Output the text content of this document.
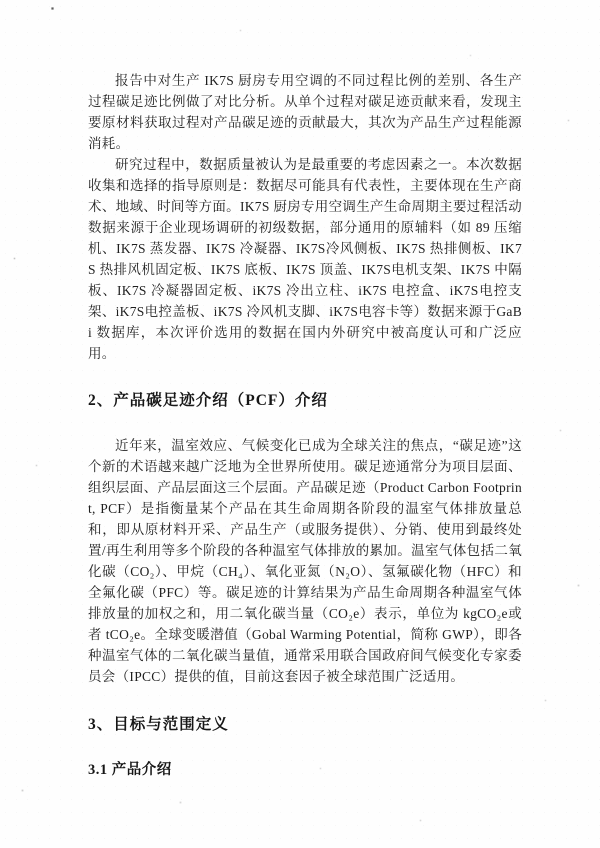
报告中对生产 IK7S 厨房专用空调的不同过程比例的差别、各生产过程碳足迹比例做了对比分析。从单个过程对碳足迹贡献来看，发现主要原材料获取过程对产品碳足迹的贡献最大，其次为产品生产过程能源消耗。

研究过程中，数据质量被认为是最重要的考虑因素之一。本次数据收集和选择的指导原则是：数据尽可能具有代表性，主要体现在生产商术、地域、时间等方面。IK7S 厨房专用空调生产生命周期主要过程活动数据来源于企业现场调研的初级数据，部分通用的原辅料（如 89 压缩机、IK7S 蒸发器、IK7S 冷凝器、IK7S冷风侧板、IK7S 热排侧板、IK7S 热排风机固定板、IK7S 底板、IK7S 顶盖、IK7S电机支架、IK7S 中隔板、IK7S 冷凝器固定板、iK7S 冷出立柱、iK7S 电控盒、iK7S电控支架、iK7S电控盖板、iK7S 冷风机支脚、iK7S电容卡等）数据来源于GaBi 数据库，本次评价选用的数据在国内外研究中被高度认可和广泛应用。

2、产品碳足迹介绍（PCF）介绍

近年来，温室效应、气候变化已成为全球关注的焦点，“碳足迹”这个新的术语越来越广泛地为全世界所使用。碳足迹通常分为项目层面、组织层面、产品层面这三个层面。产品碳足迹（Product Carbon Footprint, PCF）是指衡量某个产品在其生命周期各阶段的温室气体排放量总和，即从原材料开采、产品生产（或服务提供）、分销、使用到最终处置/再生利用等多个阶段的各种温室气体排放的累加。温室气体包括二氧化碳（CO₂）、甲烷（CH₄）、氧化亚氮（N₂O）、氢氟碳化物（HFC）和全氟化碳（PFC）等。碳足迹的计算结果为产品生命周期各种温室气体排放量的加权之和，用二氧化碳当量（CO₂e）表示，单位为 kgCO₂e或者 tCO₂e。全球变暖潜值（Gobal Warming Potential，简称 GWP），即各种温室气体的二氧化碳当量值，通常采用联合国政府间气候变化专家委员会（IPCC）提供的值，目前这套因子被全球范围广泛适用。

3、目标与范围定义
3.1 产品介绍
